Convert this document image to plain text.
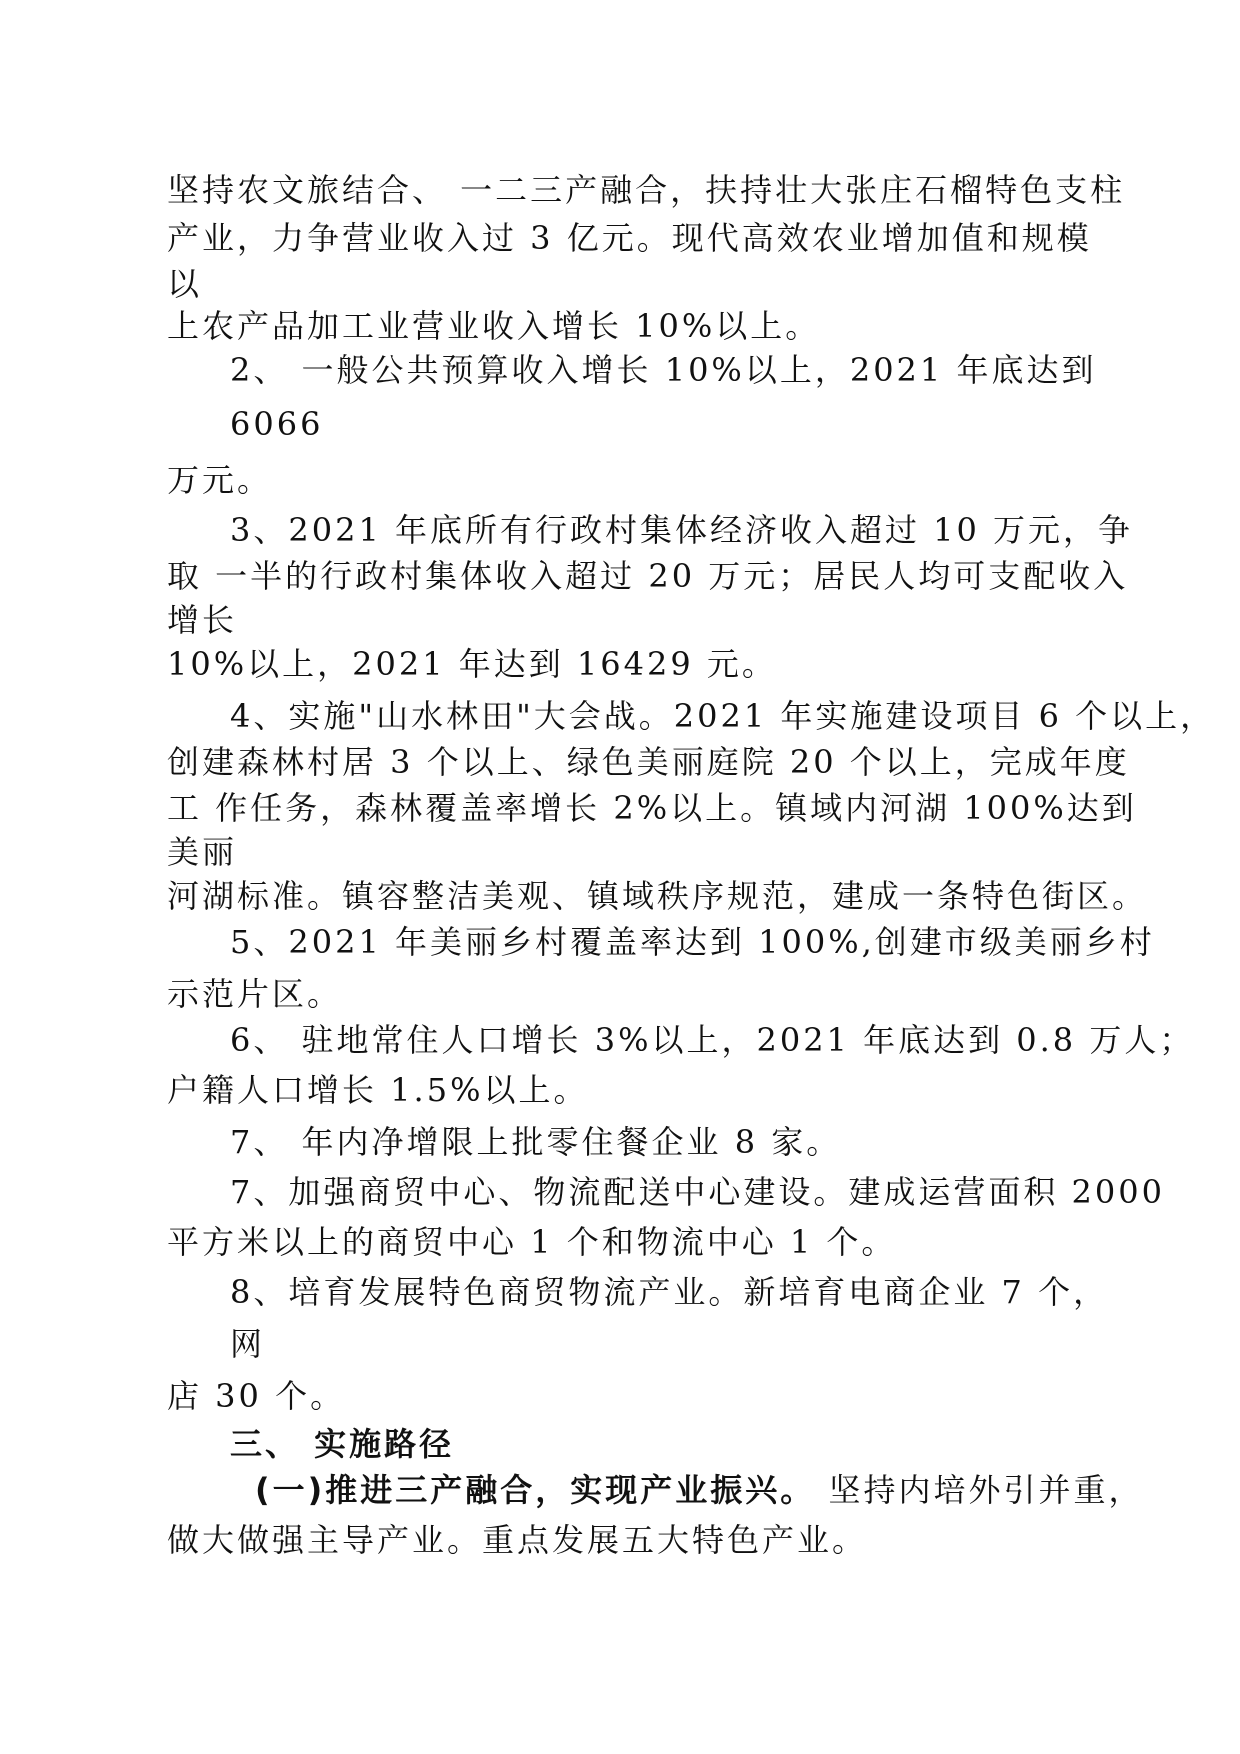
坚持农文旅结合、 一二三产融合，扶持壮大张庄石榴特色支柱

产业，力争营业收入过 3 亿元。现代高效农业增加值和规模

以

上农产品加工业营业收入增长 10%以上。

2、 一般公共预算收入增长 10%以上，2021 年底达到

6066

万元。

3、2021 年底所有行政村集体经济收入超过 10 万元，争

取 一半的行政村集体收入超过 20 万元；居民人均可支配收入

增长

10%以上，2021 年达到 16429 元。

4、实施"山水林田"大会战。2021 年实施建设项目 6 个以上，

创建森林村居 3 个以上、绿色美丽庭院 20 个以上，完成年度

工 作任务，森林覆盖率增长 2%以上。镇域内河湖 100%达到

美丽

河湖标准。镇容整洁美观、镇域秩序规范，建成一条特色街区。

5、2021 年美丽乡村覆盖率达到 100%,创建市级美丽乡村

示范片区。

6、 驻地常住人口增长 3%以上，2021 年底达到 0.8 万人；

户籍人口增长 1.5%以上。

7、 年内净增限上批零住餐企业 8 家。

7、加强商贸中心、物流配送中心建设。建成运营面积 2000

平方米以上的商贸中心 1 个和物流中心 1 个。

8、培育发展特色商贸物流产业。新培育电商企业 7 个，

网

店 30 个。

三、 实施路径

(一)推进三产融合，实现产业振兴。 坚持内培外引并重，

做大做强主导产业。重点发展五大特色产业。
